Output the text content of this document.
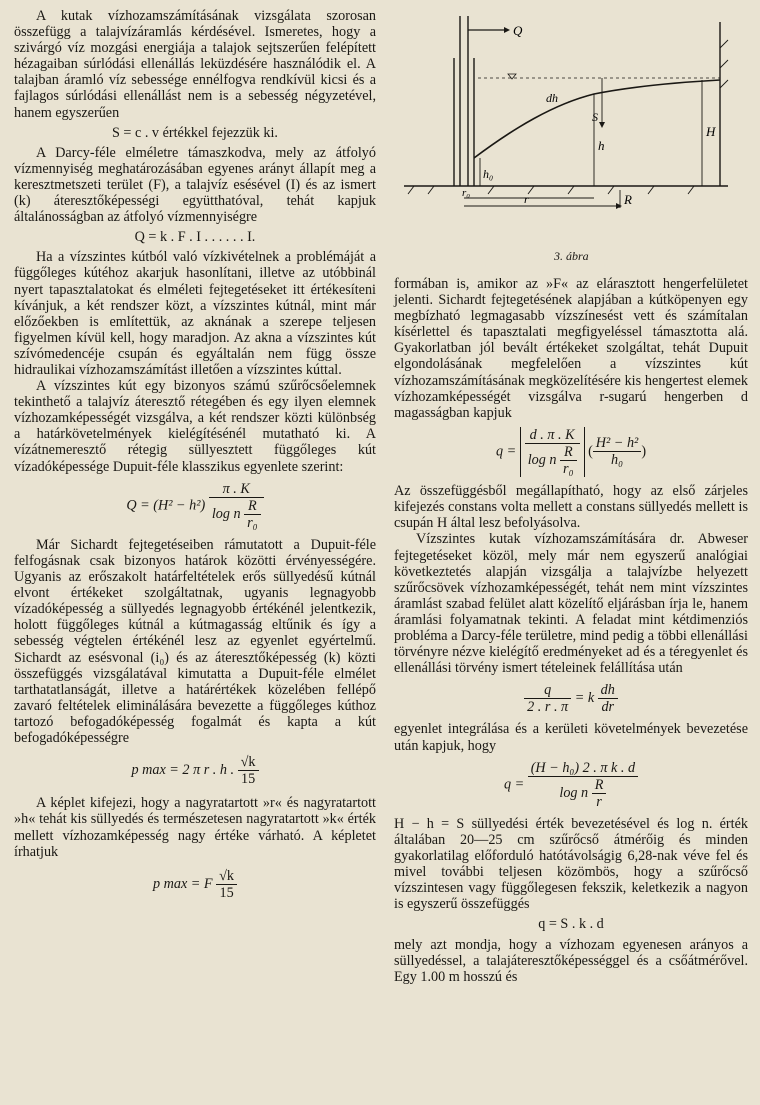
A kutak vízhozamszámításának vizsgálata szorosan összefügg a talajvízáramlás kérdésével. Ismeretes, hogy a szivárgó víz mozgási energiája a talajok sejtszerűen felépített hézagaiban súrlódási ellenállás leküzdésére használódik el. A talajban áramló víz sebessége ennélfogva rendkívül kicsi és a fajlagos súrlódási ellenállást nem is a sebesség négyzetével, hanem egyszerűen

S = c . v értékkel fejezzük ki.

A Darcy-féle elméletre támaszkodva, mely az átfolyó vízmennyiség meghatározásában egyenes arányt állapít meg a keresztmetszeti terület (F), a talajvíz esésével (I) és az ismert (k) áteresztőképességi együtthatóval, tehát kapjuk általánosságban az átfolyó vízmennyiségre

Q = k . F . I . . . . . . I.

Ha a vízszintes kútból való vízkivételnek a problémáját a függőleges kútéhoz akarjuk hasonlítani, illetve az utóbbinál nyert tapasztalatokat és elméleti fejtegetéseket itt értékesíteni kívánjuk, a két rendszer közt, a vízszintes kútnál, mint már előzőekben is említettük, az aknának a szerepe teljesen figyelmen kívül kell, hogy maradjon. Az akna a vízszintes kút szívómedencéje csupán és egyáltalán nem függ össze hidraulikai vízhozamszámítást illetően a vízszintes kúttal.

A vízszintes kút egy bizonyos számú szűrőcsőelemnek tekinthető a talajvíz áteresztő rétegében és egy ilyen elemnek vízhozamképességét vizsgálva, a két rendszer közti különbség a határkövetelmények kielégítésénél mutatható ki. A vízátnemeresztő rétegig süllyesztett függőleges kút vízadóképessége Dupuit-féle klasszikus egyenlete szerint:

$Q = (H^2 - h^2) \frac{\pi . K}{\log n \frac{R}{\text{r₀}}}$

Már Sichardt fejtegetéseiben rámutatott a Dupuit-féle felfogásnak csak bizonyos határok közötti érvényességére. Ugyanis az erőszakolt határfeltételek erős süllyedésű kútnál elvont értékeket szolgáltatnak, ugyanis legnagyobb vízadóképesség a süllyedés legnagyobb értékénél jelentkezik, holott függőleges kútnál a kútmagasság eltűnik és így a sebesség végtelen értékénél lesz az egyenlet egyértelmű. Sichardt az esésvonal (i₀) és az áteresztőképesség (k) közti összefüggés vizsgálatával kimutatta a Dupuit-féle elmélet tarthatatlanságát, illetve a határértékek közelében fellépő zavaró feltételek eliminálására bevezette a függőleges kúthoz tartozó befogadóképesség fogalmát és kapta a kút befogadóképességre

p max = 2 π r . h . $\frac{√k}{15}$

A képlet kifejezi, hogy a nagyratartott »r« és nagyratartott »h« tehát kis süllyedés és természetesen nagyratartott »k« érték mellett vízhozamképesség nagy értéke várható. A képletet írhatjuk

p max = F $\frac{√k}{15}$
Q
dh
S
h
H
h₀
r₀	r	R
3. ábra

formában is, amikor az »F« az elárasztott hengerfelületet jelenti. Sichardt fejtegetésének alapjában a kútköpenyen egy megbízható legmagasabb vízszínesést vett és számítalan kísérlettel és tapasztalati megfigyeléssel támasztotta alá. Gyakorlatban jól bevált értékeket szolgáltat, tehát Dupuit elgondolásának megfelelően a vízszintes kút vízhozamszámításának megközelítésére kis hengertest elemek vízhozamképességét vizsgálva r-sugarú hengerben d magasságban kapjuk

$q = \frac{d . \pi . K}{\log n \frac{R}{\text{r₀}}}$ ( $\frac{\text{H² − h²}}{\text{h₀}}$ )

Az összefüggésből megállapítható, hogy az első zárjeles kifejezés constans volta mellett a constans süllyedés mellett is csupán H által lesz befolyásolva.

Vízszintes kutak vízhozamszámítására dr. Abweser fejtegetéseket közöl, mely már nem egyszerű analógiai következtetés alapján vizsgálja a talajvízbe helyezett szűrőcsövek vízhozamképességét, tehát nem mint vízszintes áramlást szabad felület alatt közelítő eljárásban írja le, hanem áramlási folyamatnak tekinti. A feladat mint kétdimenziós probléma a Darcy-féle területre, mind pedig a többi ellenállási törvényre nézve kielégítő eredményeket ad és a téregyenlet és ellenállási törvény ismert tételeinek felállítása után

$\frac{q}{2 . r . \pi} = k \frac{dh}{dr}$

egyenlet integrálása és a kerületi követelmények bevezetése után kapjuk, hogy

$q = \frac{\text{(H − h₀) 2 . π k . d}}{\log n \frac{R}{r}}$

H − h = S süllyedési érték bevezetésével és log n. érték általában 20—25 cm szűrőcső átmérőig és minden gyakorlatilag előforduló hatótávolságig 6,28-nak véve fel és mivel további teljesen közömbös, hogy a szűrőcső vízszintesen vagy függőlegesen fekszik, keletkezik a nagyon is egyszerű összefüggés

q = S . k . d

mely azt mondja, hogy a vízhozam egyenesen arányos a süllyedéssel, a talajáteresztőképességgel és a csőátmérővel. Egy 1.00 m hosszú és
